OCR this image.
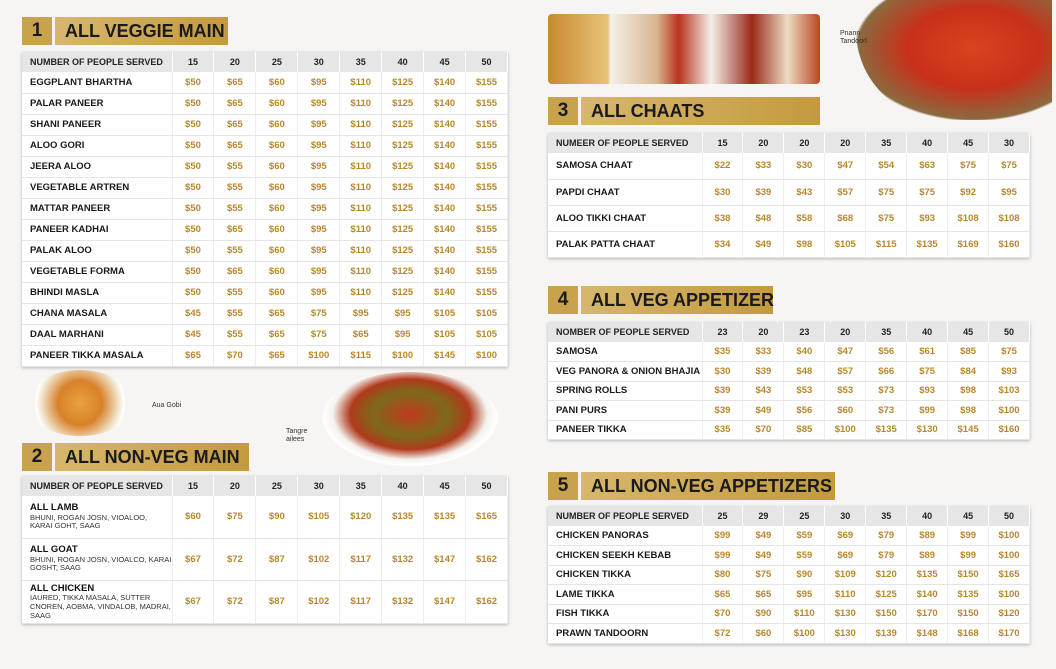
1	ALL VEGGIE MAIN
NUMBER OF PEOPLE SERVED	15	20	25	30	35	40	45	50
EGGPLANT BHARTHA	$50	$65	$60	$95	$110	$125	$140	$155
PALAR PANEER	$50	$65	$60	$95	$110	$125	$140	$155
SHANI PANEER	$50	$65	$60	$95	$110	$125	$140	$155
ALOO GORI	$50	$65	$60	$95	$110	$125	$140	$155
JEERA ALOO	$50	$55	$60	$95	$110	$125	$140	$155
VEGETABLE ARTREN	$50	$55	$60	$95	$110	$125	$140	$155
MATTAR PANEER	$50	$55	$60	$95	$110	$125	$140	$155
PANEER KADHAI	$50	$65	$60	$95	$110	$125	$140	$155
PALAK ALOO	$50	$55	$60	$95	$110	$125	$140	$155
VEGETABLE FORMA	$50	$65	$60	$95	$110	$125	$140	$155
BHINDI MASLA	$50	$55	$60	$95	$110	$125	$140	$155
CHANA MASALA	$45	$55	$65	$75	$95	$95	$105	$105
DAAL MARHANI	$45	$55	$65	$75	$65	$95	$105	$105
PANEER TIKKA MASALA	$65	$70	$65	$100	$115	$100	$145	$100
Aua Gobi
Tangre ailees
2	ALL NON-VEG MAIN
NUMBER OF PEOPLE SERVED	15	20	25	30	35	40	45	50

ALL LAMB
BHUNI, ROGAN JOSN, VIOALOO, KARAI GOHT, SAAG	$60	$75	$90	$105	$120	$135	$135	$165

ALL GOAT
BHUNI, ROGAN JOSN, VIOALCO, KARAI GOSHT, SAAG	$67	$72	$87	$102	$117	$132	$147	$162

ALL CHICKEN
IAURED, TIKKA MASALA, SUTTER CNOREN, AOBMA, VINDALOB, MADRAI, SAAG	$67	$72	$87	$102	$117	$132	$147	$162
Pnann Tandoorl
3	ALL CHAATS
NUMEER OF PEOPLE SERVED	15	20	20	20	35	40	45	30
SAMOSA CHAAT	$22	$33	$30	$47	$54	$63	$75	$75
PAPDI CHAAT	$30	$39	$43	$57	$75	$75	$92	$95
ALOO TIKKI CHAAT	$38	$48	$58	$68	$75	$93	$108	$108
PALAK PATTA CHAAT	$34	$49	$98	$105	$115	$135	$169	$160
4	ALL VEG APPETIZER
NOMBER OF PEOPLE SERVED	23	20	23	20	35	40	45	50
SAMOSA	$35	$33	$40	$47	$56	$61	$85	$75
VEG PANORA & ONION BHAJIA	$30	$39	$48	$57	$66	$75	$84	$93
SPRING ROLLS	$39	$43	$53	$53	$73	$93	$98	$103
PANI PURS	$39	$49	$56	$60	$73	$99	$98	$100
PANEER TIKKA	$35	$70	$85	$100	$135	$130	$145	$160
5	ALL NON-VEG APPETIZERS
NUMBER OF PEOPLE SERVED	25	29	25	30	35	40	45	50
CHICKEN PANORAS	$99	$49	$59	$69	$79	$89	$99	$100
CHICKEN SEEKH KEBAB	$99	$49	$59	$69	$79	$89	$99	$100
CHICKEN TIKKA	$80	$75	$90	$109	$120	$135	$150	$165
LAME TIKKA	$65	$65	$95	$110	$125	$140	$135	$100
FISH TIKKA	$70	$90	$110	$130	$150	$170	$150	$120
PRAWN TANDOORN	$72	$60	$100	$130	$139	$148	$168	$170
